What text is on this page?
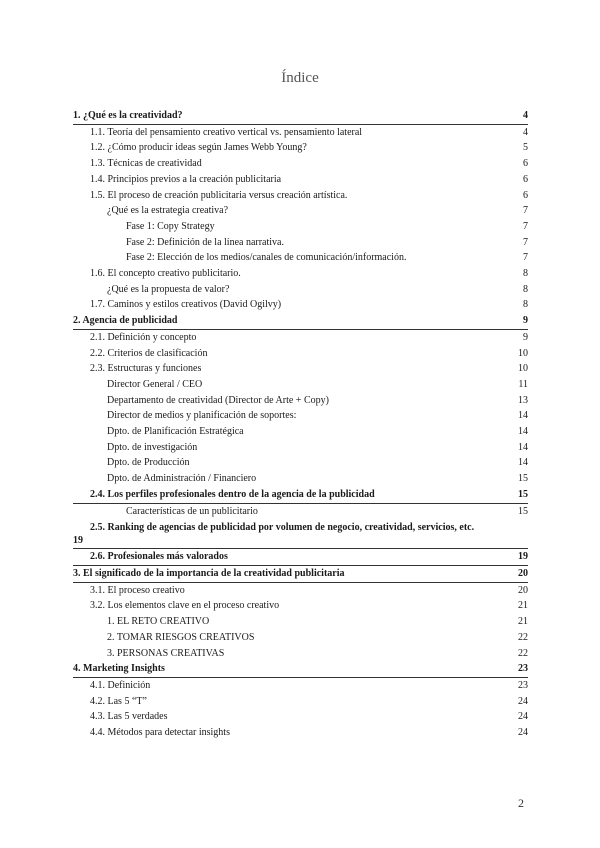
Índice
1. ¿Qué es la creatividad?	4
1.1. Teoría del pensamiento creativo vertical vs. pensamiento lateral	4
1.2. ¿Cómo producir ideas según James Webb Young?	5
1.3. Técnicas de creatividad	6
1.4. Principios previos a la creación publicitaria	6
1.5. El proceso de creación publicitaria versus creación artística.	6
¿Qué es la estrategia creativa?	7
Fase 1: Copy Strategy	7
Fase 2: Definición de la línea narrativa.	7
Fase 2: Elección de los medios/canales de comunicación/información.	7
1.6. El concepto creativo publicitario.	8
¿Qué es la propuesta de valor?	8
1.7. Caminos y estilos creativos (David Ogilvy)	8
2. Agencia de publicidad	9
2.1. Definición y concepto	9
2.2. Criterios de clasificación	10
2.3. Estructuras y funciones	10
Director General / CEO	11
Departamento de creatividad (Director de Arte + Copy)	13
Director de medios y planificación de soportes:	14
Dpto. de Planificación Estratégica	14
Dpto. de investigación	14
Dpto. de Producción	14
Dpto. de Administración / Financiero	15
2.4. Los perfiles profesionales dentro de la agencia de la publicidad	15
Características de un publicitario	15
2.5. Ranking de agencias de publicidad por volumen de negocio, creatividad, servicios, etc.
19
2.6. Profesionales más valorados	19
3. El significado de la importancia de la creatividad publicitaria	20
3.1. El proceso creativo	20
3.2. Los elementos clave en el proceso creativo	21
1. EL RETO CREATIVO	21
2. TOMAR RIESGOS CREATIVOS	22
3. PERSONAS CREATIVAS	22
4. Marketing Insights	23
4.1. Definición	23
4.2. Las 5 “T”	24
4.3. Las 5 verdades	24
4.4. Métodos para detectar insights	24
2
